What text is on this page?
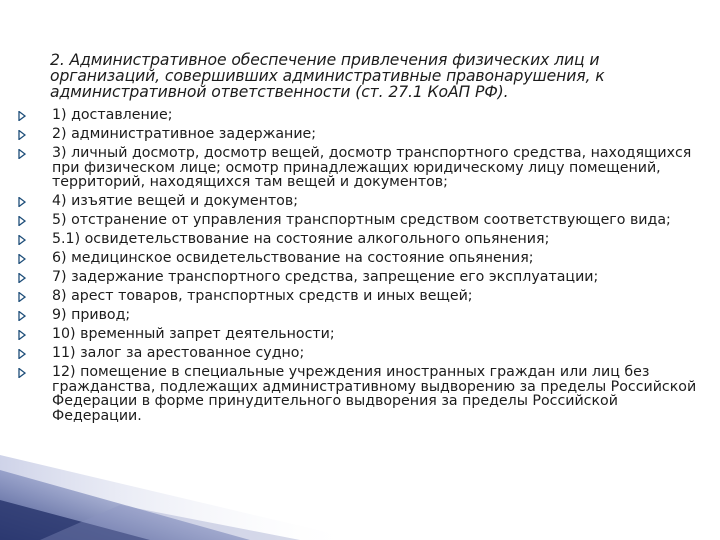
2. Административное обеспечение привлечения физических лиц и организаций, совершивших административные правонарушения, к административной ответственности (ст. 27.1 КоАП РФ).

1) доставление;
2) административное задержание;
3) личный досмотр, досмотр вещей, досмотр транспортного средства, находящихся при физическом лице; осмотр принадлежащих юридическому лицу помещений, территорий, находящихся там вещей и документов;
4) изъятие вещей и документов;
5) отстранение от управления транспортным средством соответствующего вида;
5.1) освидетельствование на состояние алкогольного опьянения;
6) медицинское освидетельствование на состояние опьянения;
7) задержание транспортного средства, запрещение его эксплуатации;
8) арест товаров, транспортных средств и иных вещей;
9) привод;
10) временный запрет деятельности;
11) залог за арестованное судно;
12) помещение в специальные учреждения иностранных граждан или лиц без гражданства, подлежащих административному выдворению за пределы Российской Федерации в форме принудительного выдворения за пределы Российской Федерации.
